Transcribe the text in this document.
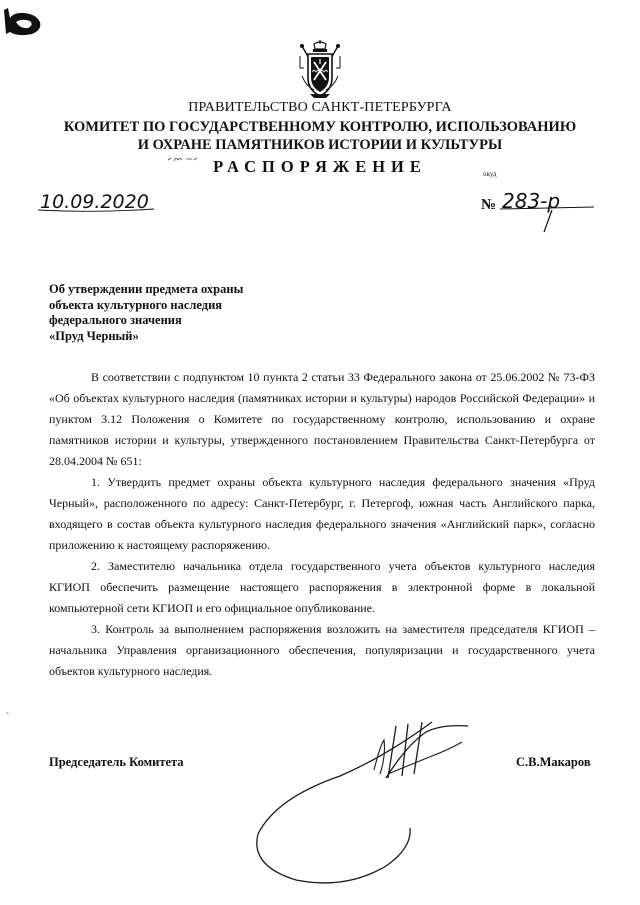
ПРАВИТЕЛЬСТВО САНКТ-ПЕТЕРБУРГА
КОМИТЕТ ПО ГОСУДАРСТВЕННОМУ КОНТРОЛЮ, ИСПОЛЬЗОВАНИЮ
И ОХРАНЕ ПАМЯТНИКОВ ИСТОРИИ И КУЛЬТУРЫ
РАСПОРЯЖЕНИЕ	окуд
10.09.2020	№ 283-р
Об утверждении предмета охраны
объекта культурного наследия
федерального значения
«Пруд Черный»

В соответствии с подпунктом 10 пункта 2 статьи 33 Федерального закона от 25.06.2002 № 73-ФЗ «Об объектах культурного наследия (памятниках истории и культуры) народов Российской Федерации» и пунктом 3.12 Положения о Комитете по государственному контролю, использованию и охране памятников истории и культуры, утвержденного постановлением Правительства Санкт-Петербурга от 28.04.2004 № 651:

1. Утвердить предмет охраны объекта культурного наследия федерального значения «Пруд Черный», расположенного по адресу: Санкт-Петербург, г. Петергоф, южная часть Английского парка, входящего в состав объекта культурного наследия федерального значения «Английский парк», согласно приложению к настоящему распоряжению.

2. Заместителю начальника отдела государственного учета объектов культурного наследия КГИОП обеспечить размещение настоящего распоряжения в электронной форме в локальной компьютерной сети КГИОП и его официальное опубликование.

3. Контроль за выполнением распоряжения возложить на заместителя председателя КГИОП – начальника Управления организационного обеспечения, популяризации и государственного учета объектов культурного наследия.

ˋ
Председатель Комитета	С.В.Макаров
